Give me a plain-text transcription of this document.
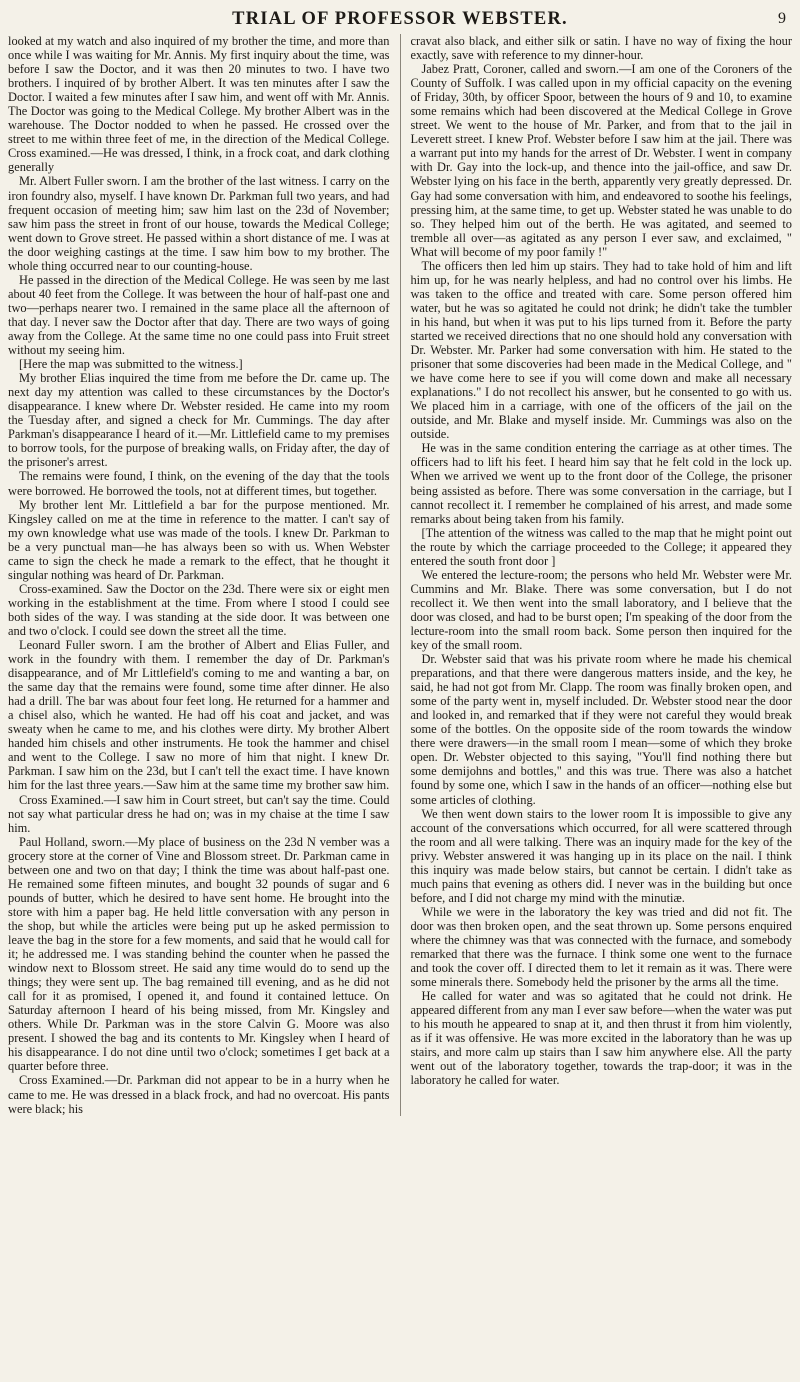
TRIAL OF PROFESSOR WEBSTER.	9

looked at my watch and also inquired of my brother the time, and more than once while I was waiting for Mr. Annis. My first inquiry about the time, was before I saw the Doctor, and it was then 20 minutes to two. I have two brothers. I inquired of by brother Albert. It was ten minutes after I saw the Doctor. I waited a few minutes after I saw him, and went off with Mr. Annis. The Doctor was going to the Medical College. My brother Albert was in the warehouse. The Doctor nodded to when he passed. He crossed over the street to me within three feet of me, in the direction of the Medical College. Cross examined.—He was dressed, I think, in a frock coat, and dark clothing generally

Mr. Albert Fuller sworn. I am the brother of the last witness. I carry on the iron foundry also, myself. I have known Dr. Parkman full two years, and had frequent occasion of meeting him; saw him last on the 23d of November; saw him pass the street in front of our house, towards the Medical College; went down to Grove street. He passed within a short distance of me. I was at the door weighing castings at the time. I saw him bow to my brother. The whole thing occurred near to our counting-house.

He passed in the direction of the Medical College. He was seen by me last about 40 feet from the College. It was between the hour of half-past one and two—perhaps nearer two. I remained in the same place all the afternoon of that day. I never saw the Doctor after that day. There are two ways of going away from the College. At the same time no one could pass into Fruit street without my seeing him.

[Here the map was submitted to the witness.]

My brother Elias inquired the time from me before the Dr. came up. The next day my attention was called to these circumstances by the Doctor's disappearance. I knew where Dr. Webster resided. He came into my room the Tuesday after, and signed a check for Mr. Cummings. The day after Parkman's disappearance I heard of it.—Mr. Littlefield came to my premises to borrow tools, for the purpose of breaking walls, on Friday after, the day of the prisoner's arrest.

The remains were found, I think, on the evening of the day that the tools were borrowed. He borrowed the tools, not at different times, but together.

My brother lent Mr. Littlefield a bar for the purpose mentioned. Mr. Kingsley called on me at the time in reference to the matter. I can't say of my own knowledge what use was made of the tools. I knew Dr. Parkman to be a very punctual man—he has always been so with us. When Webster came to sign the check he made a remark to the effect, that he thought it singular nothing was heard of Dr. Parkman.

Cross-examined. Saw the Doctor on the 23d. There were six or eight men working in the establishment at the time. From where I stood I could see both sides of the way. I was standing at the side door. It was between one and two o'clock. I could see down the street all the time.

Leonard Fuller sworn. I am the brother of Albert and Elias Fuller, and work in the foundry with them. I remember the day of Dr. Parkman's disappearance, and of Mr Littlefield's coming to me and wanting a bar, on the same day that the remains were found, some time after dinner. He also had a drill. The bar was about four feet long. He returned for a hammer and a chisel also, which he wanted. He had off his coat and jacket, and was sweaty when he came to me, and his clothes were dirty. My brother Albert handed him chisels and other instruments. He took the hammer and chisel and went to the College. I saw no more of him that night. I knew Dr. Parkman. I saw him on the 23d, but I can't tell the exact time. I have known him for the last three years.—Saw him at the same time my brother saw him.

Cross Examined.—I saw him in Court street, but can't say the time. Could not say what particular dress he had on; was in my chaise at the time I saw him.

Paul Holland, sworn.—My place of business on the 23d N vember was a grocery store at the corner of Vine and Blossom street. Dr. Parkman came in between one and two on that day; I think the time was about half-past one. He remained some fifteen minutes, and bought 32 pounds of sugar and 6 pounds of butter, which he desired to have sent home. He brought into the store with him a paper bag. He held little conversation with any person in the shop, but while the articles were being put up he asked permission to leave the bag in the store for a few moments, and said that he would call for it; he addressed me. I was standing behind the counter when he passed the window next to Blossom street. He said any time would do to send up the things; they were sent up. The bag remained till evening, and as he did not call for it as promised, I opened it, and found it contained lettuce. On Saturday afternoon I heard of his being missed, from Mr. Kingsley and others. While Dr. Parkman was in the store Calvin G. Moore was also present. I showed the bag and its contents to Mr. Kingsley when I heard of his disappearance. I do not dine until two o'clock; sometimes I get back at a quarter before three.

Cross Examined.—Dr. Parkman did not appear to be in a hurry when he came to me. He was dressed in a black frock, and had no overcoat. His pants were black; his

cravat also black, and either silk or satin. I have no way of fixing the hour exactly, save with reference to my dinner-hour.

Jabez Pratt, Coroner, called and sworn.—I am one of the Coroners of the County of Suffolk. I was called upon in my official capacity on the evening of Friday, 30th, by officer Spoor, between the hours of 9 and 10, to examine some remains which had been discovered at the Medical College in Grove street. We went to the house of Mr. Parker, and from that to the jail in Leverett street. I knew Prof. Webster before I saw him at the jail. There was a warrant put into my hands for the arrest of Dr. Webster. I went in company with Dr. Gay into the lock-up, and thence into the jail-office, and saw Dr. Webster lying on his face in the berth, apparently very greatly depressed. Dr. Gay had some conversation with him, and endeavored to soothe his feelings, pressing him, at the same time, to get up. Webster stated he was unable to do so. They helped him out of the berth. He was agitated, and seemed to tremble all over—as agitated as any person I ever saw, and exclaimed, " What will become of my poor family !"

The officers then led him up stairs. They had to take hold of him and lift him up, for he was nearly helpless, and had no control over his limbs. He was taken to the office and treated with care. Some person offered him water, but he was so agitated he could not drink; he didn't take the tumbler in his hand, but when it was put to his lips turned from it. Before the party started we received directions that no one should hold any conversation with Dr. Webster. Mr. Parker had some conversation with him. He stated to the prisoner that some discoveries had been made in the Medical College, and " we have come here to see if you will come down and make all necessary explanations." I do not recollect his answer, but he consented to go with us. We placed him in a carriage, with one of the officers of the jail on the outside, and Mr. Blake and myself inside. Mr. Cummings was also on the outside.

He was in the same condition entering the carriage as at other times. The officers had to lift his feet. I heard him say that he felt cold in the lock up. When we arrived we went up to the front door of the College, the prisoner being assisted as before. There was some conversation in the carriage, but I cannot recollect it. I remember he complained of his arrest, and made some remarks about being taken from his family.

[The attention of the witness was called to the map that he might point out the route by which the carriage proceeded to the College; it appeared they entered the south front door ]

We entered the lecture-room; the persons who held Mr. Webster were Mr. Cummins and Mr. Blake. There was some conversation, but I do not recollect it. We then went into the small laboratory, and I believe that the door was closed, and had to be burst open; I'm speaking of the door from the lecture-room into the small room back. Some person then inquired for the key of the small room.

Dr. Webster said that was his private room where he made his chemical preparations, and that there were dangerous matters inside, and the key, he said, he had not got from Mr. Clapp. The room was finally broken open, and some of the party went in, myself included. Dr. Webster stood near the door and looked in, and remarked that if they were not careful they would break some of the bottles. On the opposite side of the room towards the window there were drawers—in the small room I mean—some of which they broke open. Dr. Webster objected to this saying, "You'll find nothing there but some demijohns and bottles," and this was true. There was also a hatchet found by some one, which I saw in the hands of an officer—nothing else but some articles of clothing.

We then went down stairs to the lower room It is impossible to give any account of the conversations which occurred, for all were scattered through the room and all were talking. There was an inquiry made for the key of the privy. Webster answered it was hanging up in its place on the nail. I think this inquiry was made below stairs, but cannot be certain. I didn't take as much pains that evening as others did. I never was in the building but once before, and I did not charge my mind with the minutiæ.

While we were in the laboratory the key was tried and did not fit. The door was then broken open, and the seat thrown up. Some persons enquired where the chimney was that was connected with the furnace, and somebody remarked that there was the furnace. I think some one went to the furnace and took the cover off. I directed them to let it remain as it was. There were some minerals there. Somebody held the prisoner by the arms all the time.

He called for water and was so agitated that he could not drink. He appeared different from any man I ever saw before—when the water was put to his mouth he appeared to snap at it, and then thrust it from him violently, as if it was offensive. He was more excited in the laboratory than he was up stairs, and more calm up stairs than I saw him anywhere else. All the party went out of the laboratory together, towards the trap-door; it was in the laboratory he called for water.
